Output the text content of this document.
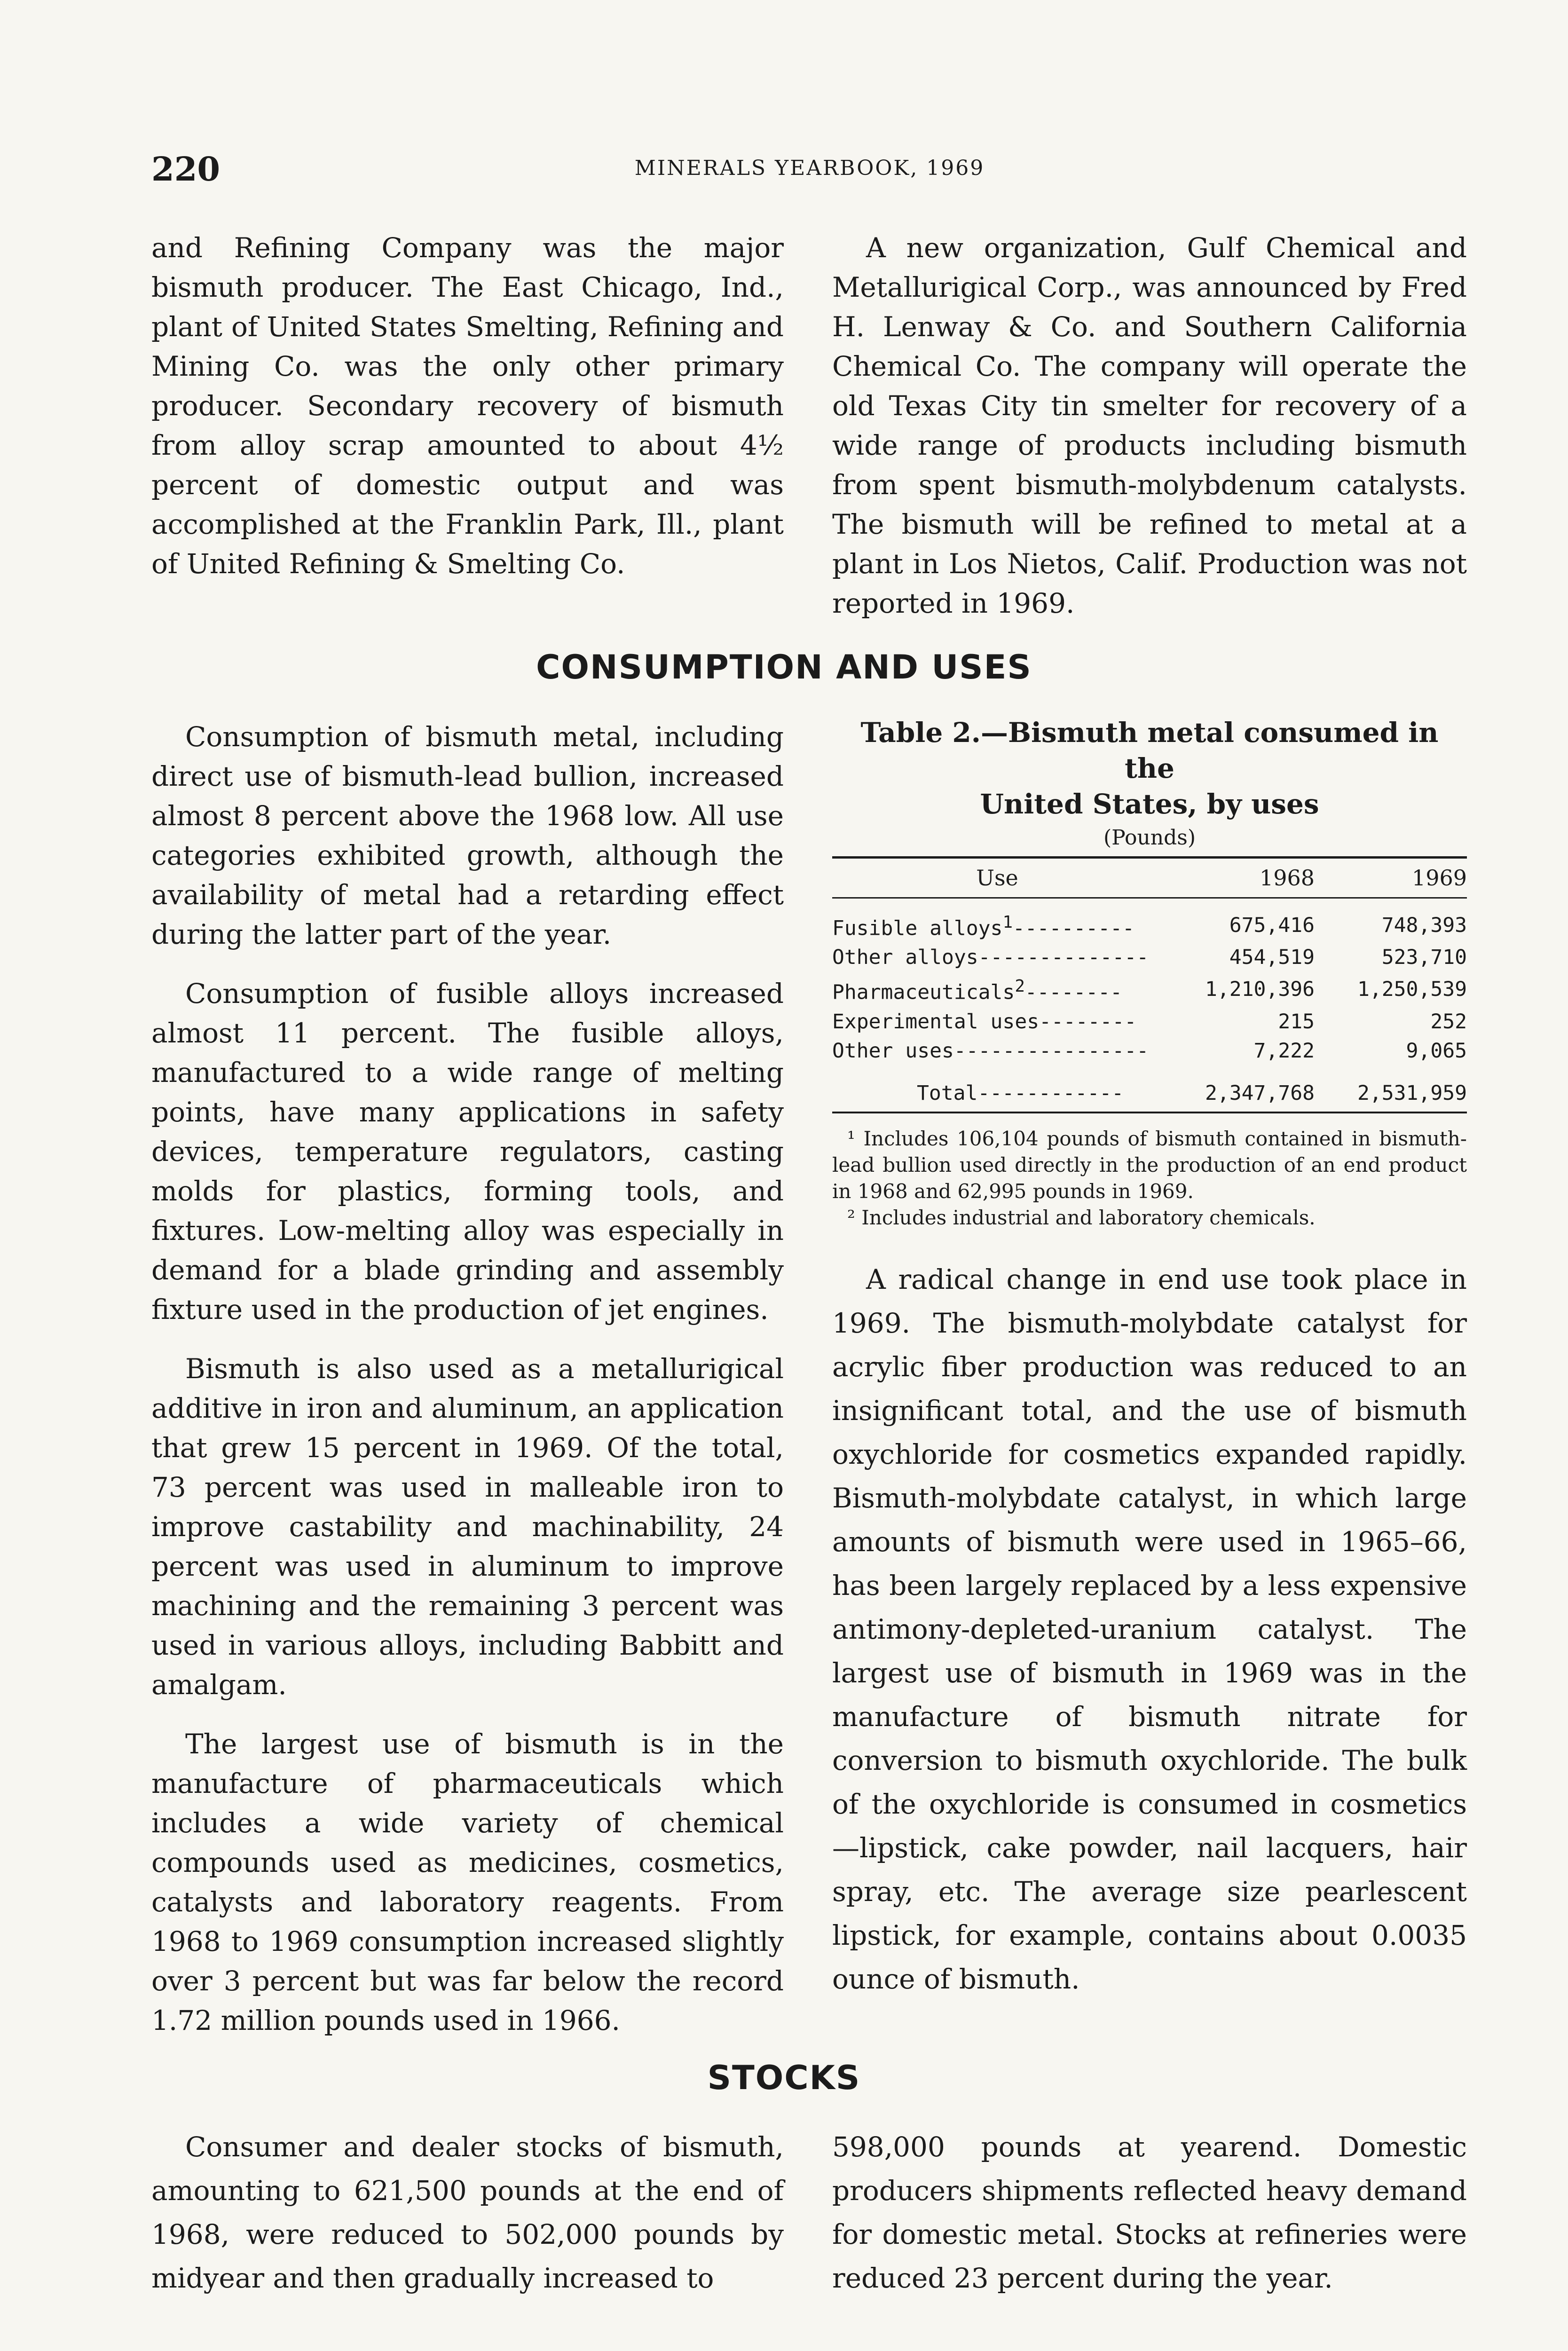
220	MINERALS YEARBOOK, 1969

and Refining Company was the major bismuth producer. The East Chicago, Ind., plant of United States Smelting, Refining and Mining Co. was the only other primary producer. Secondary recovery of bismuth from alloy scrap amounted to about 4½ percent of domestic output and was accomplished at the Franklin Park, Ill., plant of United Refining & Smelting Co.

A new organization, Gulf Chemical and Metallurigical Corp., was announced by Fred H. Lenway & Co. and Southern California Chemical Co. The company will operate the old Texas City tin smelter for recovery of a wide range of products including bismuth from spent bismuth-molybdenum catalysts. The bismuth will be refined to metal at a plant in Los Nietos, Calif. Production was not reported in 1969.

CONSUMPTION AND USES

Consumption of bismuth metal, including direct use of bismuth-lead bullion, increased almost 8 percent above the 1968 low. All use categories exhibited growth, although the availability of metal had a retarding effect during the latter part of the year.

Consumption of fusible alloys increased almost 11 percent. The fusible alloys, manufactured to a wide range of melting points, have many applications in safety devices, temperature regulators, casting molds for plastics, forming tools, and fixtures. Low-melting alloy was especially in demand for a blade grinding and assembly fixture used in the production of jet engines.

Bismuth is also used as a metallurigical additive in iron and aluminum, an application that grew 15 percent in 1969. Of the total, 73 percent was used in malleable iron to improve castability and machinability, 24 percent was used in aluminum to improve machining and the remaining 3 percent was used in various alloys, including Babbitt and amalgam.

The largest use of bismuth is in the manufacture of pharmaceuticals which includes a wide variety of chemical compounds used as medicines, cosmetics, catalysts and laboratory reagents. From 1968 to 1969 consumption increased slightly over 3 percent but was far below the record 1.72 million pounds used in 1966.

Table 2.—Bismuth metal consumed in the
United States, by uses
(Pounds)
Use	1968	1969
Fusible alloys$^1$----------	675,416	748,393
Other alloys--------------	454,519	523,710
Pharmaceuticals$^2$--------	1,210,396	1,250,539
Experimental uses--------	215	252
Other uses----------------	7,222	9,065
Total------------	2,347,768	2,531,959
¹ Includes 106,104 pounds of bismuth contained in bismuth-lead bullion used directly in the production of an end product in 1968 and 62,995 pounds in 1969.
² Includes industrial and laboratory chemicals.

A radical change in end use took place in 1969. The bismuth-molybdate catalyst for acrylic fiber production was reduced to an insignificant total, and the use of bismuth oxychloride for cosmetics expanded rapidly. Bismuth-molybdate catalyst, in which large amounts of bismuth were used in 1965–66, has been largely replaced by a less expensive antimony-depleted-uranium catalyst. The largest use of bismuth in 1969 was in the manufacture of bismuth nitrate for conversion to bismuth oxychloride. The bulk of the oxychloride is consumed in cosmetics—lipstick, cake powder, nail lacquers, hair spray, etc. The average size pearlescent lipstick, for example, contains about 0.0035 ounce of bismuth.

STOCKS

Consumer and dealer stocks of bismuth, amounting to 621,500 pounds at the end of 1968, were reduced to 502,000 pounds by midyear and then gradually increased to

598,000 pounds at yearend. Domestic producers shipments reflected heavy demand for domestic metal. Stocks at refineries were reduced 23 percent during the year.
